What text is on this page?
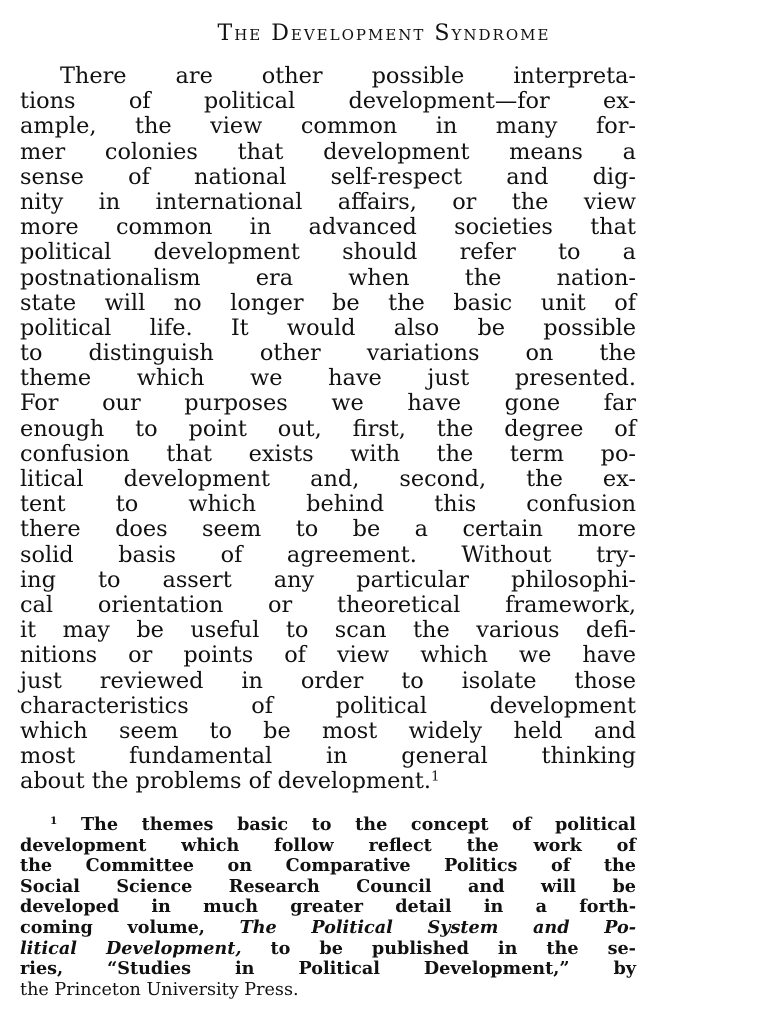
The Development Syndrome
There are other possible interpreta-
tions of political development—for ex-
ample, the view common in many for-
mer colonies that development means a
sense of national self-respect and dig-
nity in international affairs, or the view
more common in advanced societies that
political development should refer to a
postnationalism era when the nation-
state will no longer be the basic unit of
political life. It would also be possible
to distinguish other variations on the
theme which we have just presented.
For our purposes we have gone far
enough to point out, first, the degree of
confusion that exists with the term po-
litical development and, second, the ex-
tent to which behind this confusion
there does seem to be a certain more
solid basis of agreement. Without try-
ing to assert any particular philosophi-
cal orientation or theoretical framework,
it may be useful to scan the various defi-
nitions or points of view which we have
just reviewed in order to isolate those
characteristics of political development
which seem to be most widely held and
most fundamental in general thinking
about the problems of development.$^1$
$^1$ The themes basic to the concept of political
development which follow reflect the work of
the Committee on Comparative Politics of the
Social Science Research Council and will be
developed in much greater detail in a forth-
coming volume, The Political System and Po-
litical Development, to be published in the se-
ries, “Studies in Political Development,” by
the Princeton University Press.
